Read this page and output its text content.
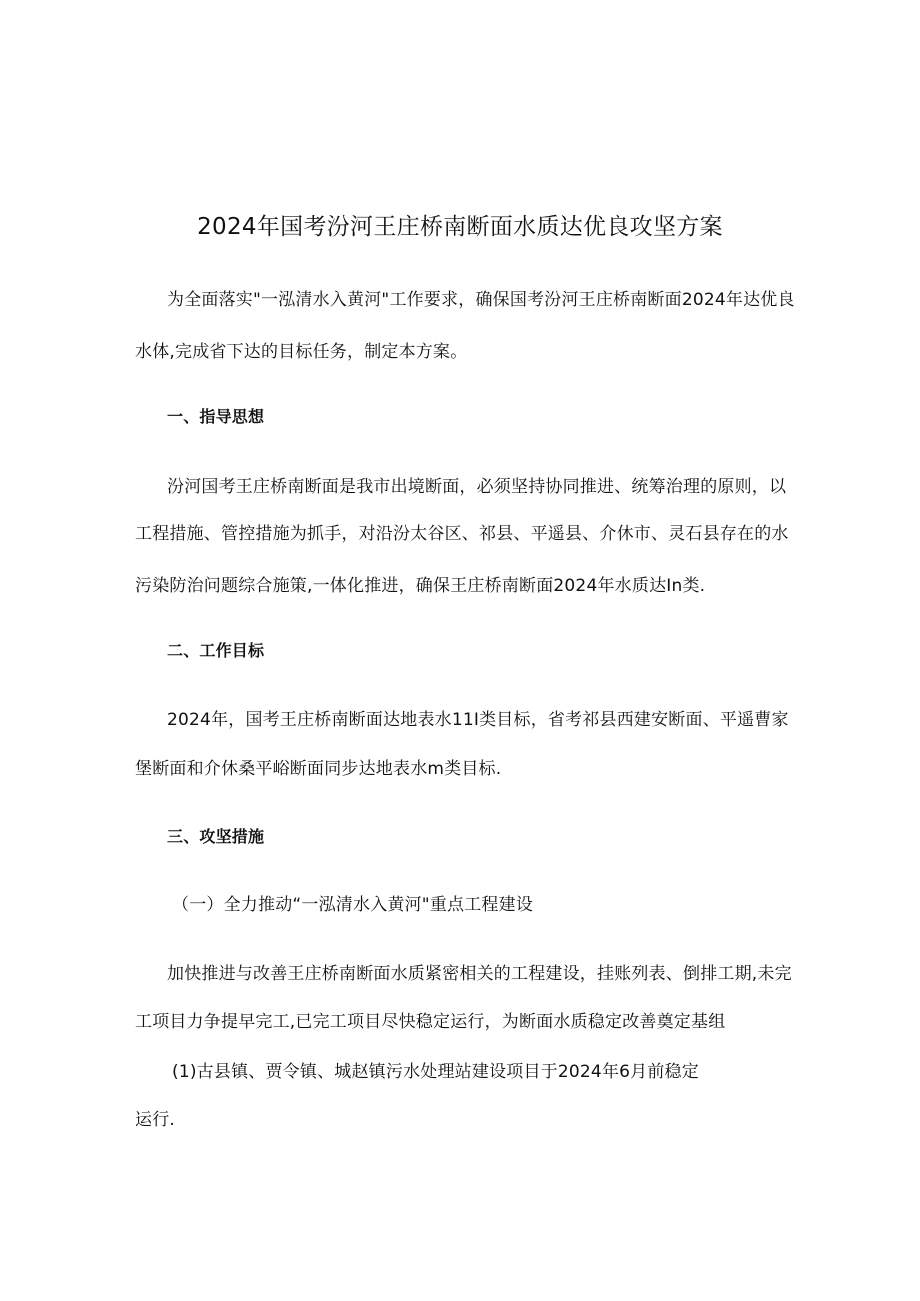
2024年国考汾河王庄桥南断面水质达优良攻坚方案
为全面落实"一泓清水入黄河"工作要求，确保国考汾河王庄桥南断面2024年达优良
水体,完成省下达的目标任务，制定本方案。
一、指导思想
汾河国考王庄桥南断面是我市出境断面，必须坚持协同推进、统筹治理的原则，以
工程措施、管控措施为抓手，对沿汾太谷区、祁县、平遥县、介休市、灵石县存在的水
污染防治问题综合施策,一体化推进，确保王庄桥南断面2024年水质达In类.
二、工作目标
2024年，国考王庄桥南断面达地表水11I类目标，省考祁县西建安断面、平遥曹家
堡断面和介休桑平峪断面同步达地表水m类目标.
三、攻坚措施
（一）全力推动“一泓清水入黄河"重点工程建设
加快推进与改善王庄桥南断面水质紧密相关的工程建设，挂账列表、倒排工期,未完
工项目力争提早完工,已完工项目尽快稳定运行，为断面水质稳定改善奠定基组
(1)古县镇、贾令镇、城赵镇污水处理站建设项目于2024年6月前稳定
运行.
